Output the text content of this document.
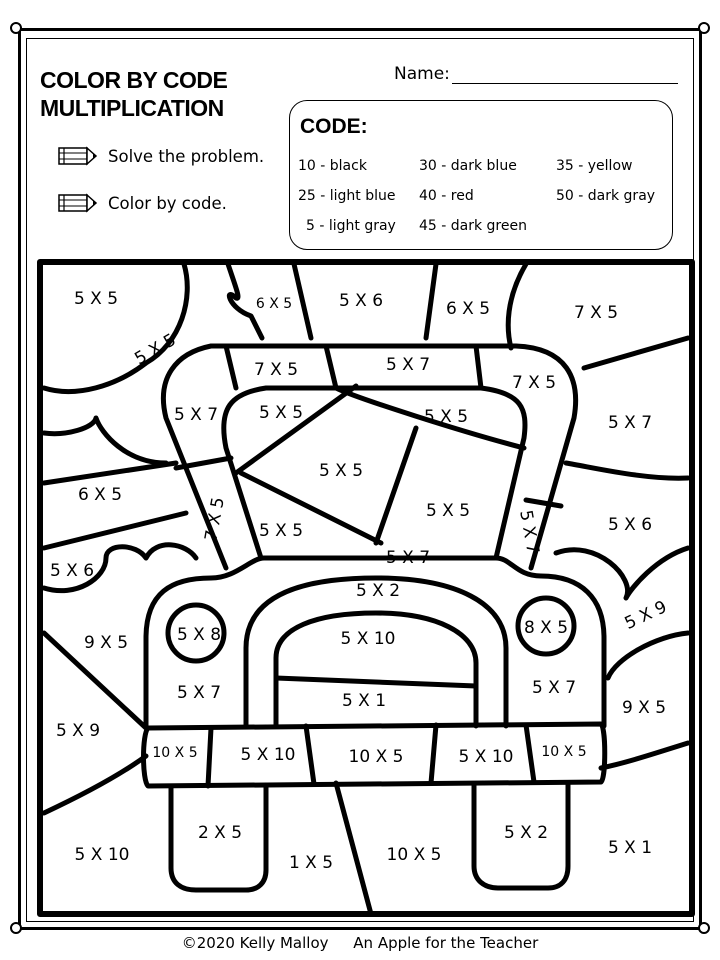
COLOR BY CODE
MULTIPLICATION
Solve the problem.
Color by code.
Name:
CODE:
10 - black	30 - dark blue	35 - yellow
25 - light blue 40 - red	50 - dark gray
5 - light gray 45 - dark green
5 X 5
5 X 5
6 X 5	5 X 6	6 X 5	7 X 5
7 X 5	5 X 7
7 X 5
5 X 7 5 X 5	5 X 5	5 X 7
6 X 5
5 X 5
7 X 5 5 X 5
5 X 5	5 X 7	5 X 6
5 X 6
5 X 7
5 X 2
5 X 8	5 X 10
8 X 5
9 X 5
5 X 9
5 X 7	5 X 1
5 X 7
9 X 5
5 X 9
10 X 5	5 X 10	10 X 5	5 X 10 10 X 5
5 X 10
2 X 5
1 X 5	10 X 5
5 X 2
5 X 1
©2020 Kelly Malloy An Apple for the Teacher
